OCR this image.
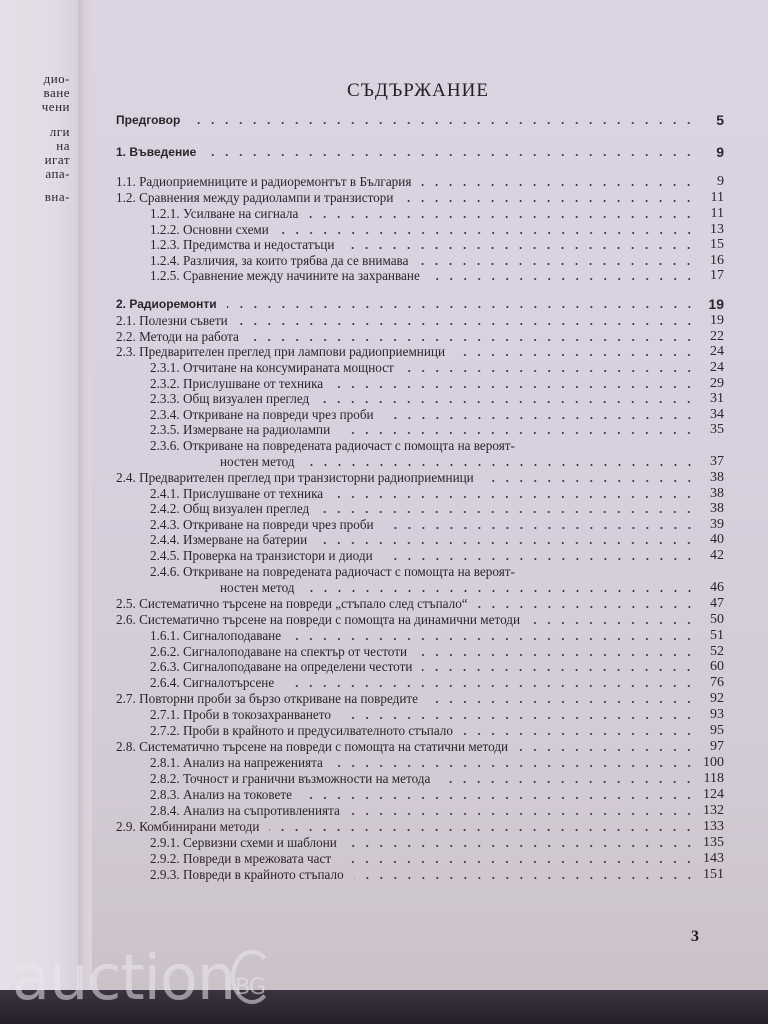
дио-
ване
чени
лги
на
игат
апа-
вна-
СЪДЪРЖАНИЕ
Предговор	5
1. Въведение	9
1.1. Радиоприемниците и радиоремонтът в България	9
1.2. Сравнения между радиолампи и транзистори	11
1.2.1. Усилване на сигнала	11
1.2.2. Основни схеми	13
1.2.3. Предимства и недостатъци	15
1.2.4. Различия, за които трябва да се внимава	16
1.2.5. Сравнение между начините на захранване	17
2. Радиоремонти	19
2.1. Полезни съвети	19
2.2. Методи на работа	22
2.3. Предварителен преглед при лампови радиоприемници	24
2.3.1. Отчитане на консумираната мощност	24
2.3.2. Прислушване от техника	29
2.3.3. Общ визуален преглед	31
2.3.4. Откриване на повреди чрез проби	34
2.3.5. Измерване на радиолампи	35
2.3.6. Откриване на повредената радиочаст с помощта на вероят-
ностен метод	37
2.4. Предварителен преглед при транзисторни радиоприемници	38
2.4.1. Прислушване от техника	38
2.4.2. Общ визуален преглед	38
2.4.3. Откриване на повреди чрез проби	39
2.4.4. Измерване на батерии	40
2.4.5. Проверка на транзистори и диоди	42
2.4.6. Откриване на повредената радиочаст с помощта на вероят-
ностен метод	46
2.5. Систематично търсене на повреди „стъпало след стъпало“	47
2.6. Систематично търсене на повреди с помощта на динамични методи	50
1.6.1. Сигналоподаване	51
2.6.2. Сигналоподаване на спектър от честоти	52
2.6.3. Сигналоподаване на определени честоти	60
2.6.4. Сигналотърсене	76
2.7. Повторни проби за бързо откриване на повредите	92
2.7.1. Проби в токозахранването	93
2.7.2. Проби в крайното и предусилвателното стъпало	95
2.8. Систематично търсене на повреди с помощта на статични методи	97
2.8.1. Анализ на напреженията	100
2.8.2. Точност и гранични възможности на метода	118
2.8.3. Анализ на токовете	124
2.8.4. Анализ на съпротивленията	132
2.9. Комбинирани методи	133
2.9.1. Сервизни схеми и шаблони	135
2.9.2. Повреди в мрежовата част	143
2.9.3. Повреди в крайното стъпало	151
3
auction$^{BG}$
